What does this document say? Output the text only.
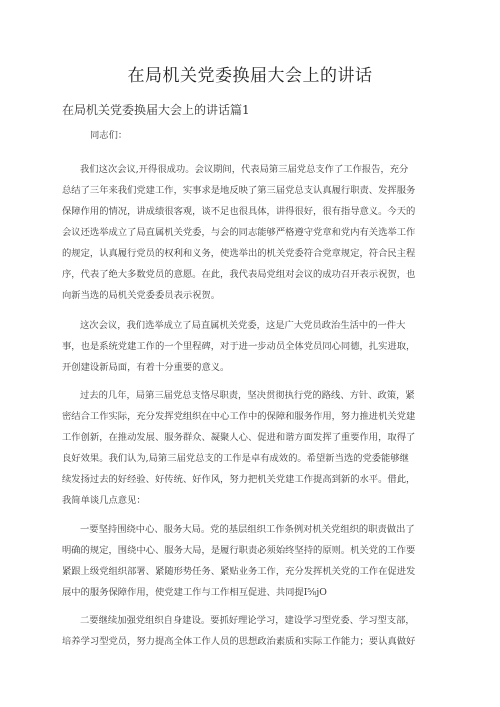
在局机关党委换届大会上的讲话
在局机关党委换届大会上的讲话篇1

同志们：

我们这次会议,开得很成功。会议期间，代表局第三届党总支作了工作报告，充分
总结了三年来我们党建工作，实事求是地反映了第三届党总支认真履行职责、发挥服务
保障作用的情况，讲成绩很客观，谈不足也很具体，讲得很好，很有指导意义。今天的
会议还选举成立了局直属机关党委，与会的同志能够严格遵守党章和党内有关选举工作
的规定，认真履行党员的权利和义务，使选举出的机关党委符合党章规定，符合民主程
序，代表了绝大多数党员的意愿。在此，我代表局党组对会议的成功召开表示祝贺，也
向新当选的局机关党委委员表示祝贺。

这次会议，我们选举成立了局直属机关党委，这是广大党员政治生活中的一件大
事，也是系统党建工作的一个里程碑，对于进一步动员全体党员同心同德，扎实进取，
开创建设新局面，有着十分重要的意义。

过去的几年，局第三届党总支恪尽职责，坚决贯彻执行党的路线、方针、政策，紧
密结合工作实际，充分发挥党组织在中心工作中的保障和服务作用，努力推进机关党建
工作创新，在推动发展、服务群众、凝聚人心、促进和谐方面发挥了重要作用，取得了
良好效果。我们认为,局第三届党总支的工作是卓有成效的。希望新当选的党委能够继
续发扬过去的好经验、好传统、好作风，努力把机关党建工作提高到新的水平。借此，
我简单谈几点意见：

一要坚持围绕中心、服务大局。党的基层组织工作条例对机关党组织的职责做出了
明确的规定，围绕中心、服务大局，是履行职责必须始终坚持的原则。机关党的工作要
紧跟上级党组织部署、紧随形势任务、紧贴业务工作，充分发挥机关党的工作在促进发
展中的服务保障作用，使党建工作与工作相互促进、共同提I⅝jO

二要继续加强党组织自身建设。要抓好理论学习，建设学习型党委、学习型支部，
培养学习型党员，努力提高全体工作人员的思想政治素质和实际工作能力；要认真做好
